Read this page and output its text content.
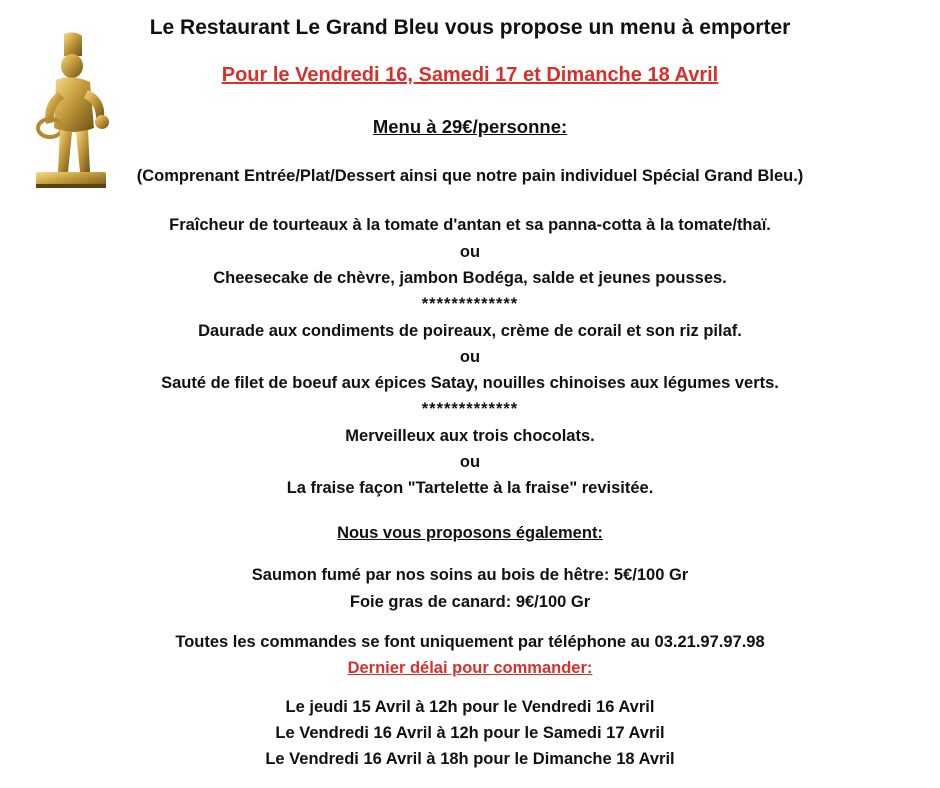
Le Restaurant Le Grand Bleu vous propose un menu à emporter
Pour le Vendredi 16, Samedi 17 et Dimanche 18 Avril
Menu à 29€/personne:
(Comprenant Entrée/Plat/Dessert ainsi que notre pain individuel Spécial Grand Bleu.)
Fraîcheur de tourteaux à la tomate d'antan et sa panna-cotta à la tomate/thaï.
ou
Cheesecake de chèvre, jambon Bodéga, salde et jeunes pousses.
*************
Daurade aux condiments de poireaux, crème de corail et son riz pilaf.
ou
Sauté de filet de boeuf aux épices Satay, nouilles chinoises aux légumes verts.
*************
Merveilleux aux trois chocolats.
ou
La fraise façon "Tartelette à la fraise" revisitée.
Nous vous proposons également:
Saumon fumé par nos soins au bois de hêtre: 5€/100 Gr
Foie gras de canard: 9€/100 Gr
Toutes les commandes se font uniquement par téléphone au 03.21.97.97.98
Dernier délai pour commander:
Le jeudi 15 Avril à 12h pour le Vendredi 16 Avril
Le Vendredi 16 Avril à 12h pour le Samedi 17 Avril
Le Vendredi 16 Avril à 18h pour le Dimanche 18 Avril
